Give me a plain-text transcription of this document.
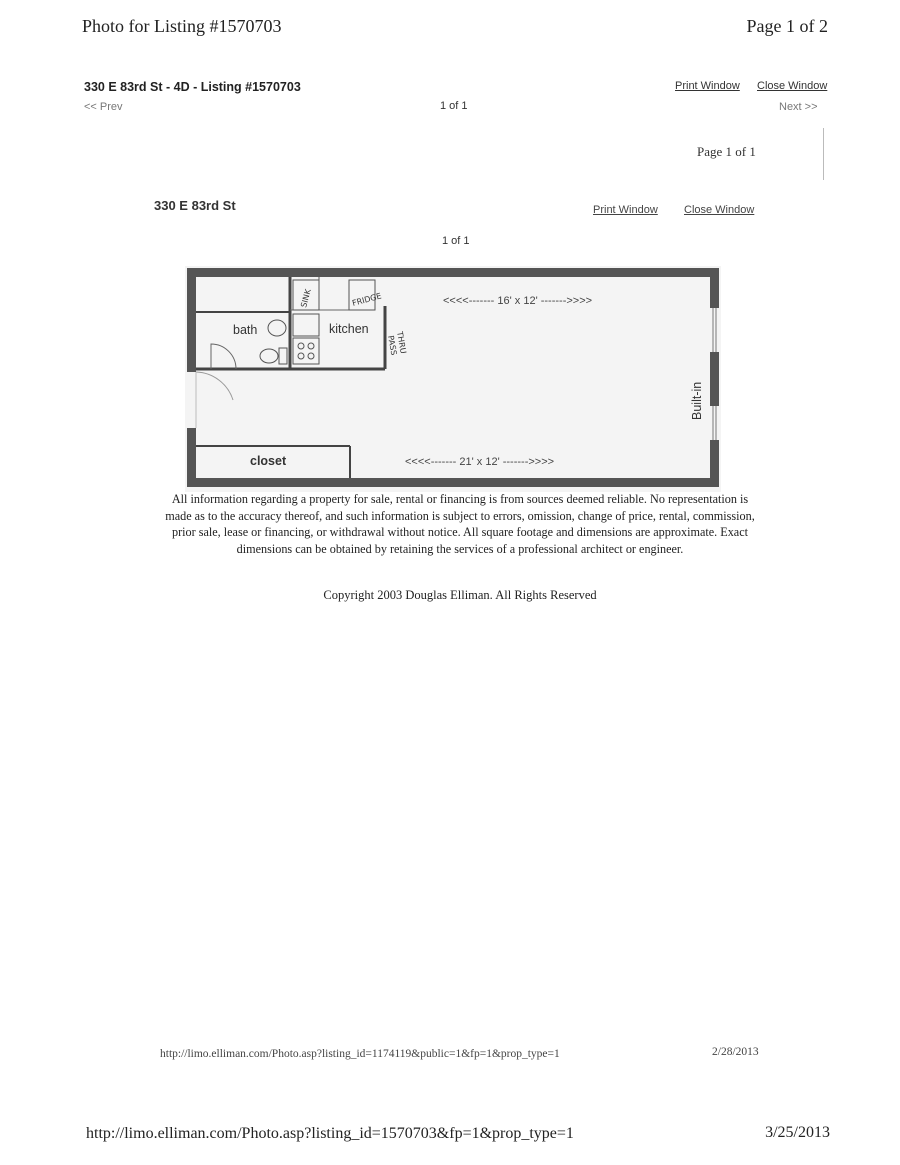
Photo for Listing #1570703	Page 1 of 2
330 E 83rd St - 4D - Listing #1570703	Print Window Close Window
<< Prev	1 of 1	Next >>
Page 1 of 1
330 E 83rd St	Print Window Close Window
1 of 1
bath	kitchen
closet
Built-in
SINK	FRIDGE
PASS
THRU
<<<<------- 16' x 12' ------->>>>
<<<<------- 21' x 12' ------->>>>
All information regarding a property for sale, rental or financing is from sources deemed reliable. No representation is made as to the accuracy thereof, and such information is subject to errors, omission, change of price, rental, commission, prior sale, lease or financing, or withdrawal without notice. All square footage and dimensions are approximate. Exact dimensions can be obtained by retaining the services of a professional architect or engineer.
Copyright 2003 Douglas Elliman. All Rights Reserved
http://limo.elliman.com/Photo.asp?listing_id=1174119&public=1&fp=1&prop_type=1	2/28/2013
http://limo.elliman.com/Photo.asp?listing_id=1570703&fp=1&prop_type=1	3/25/2013
